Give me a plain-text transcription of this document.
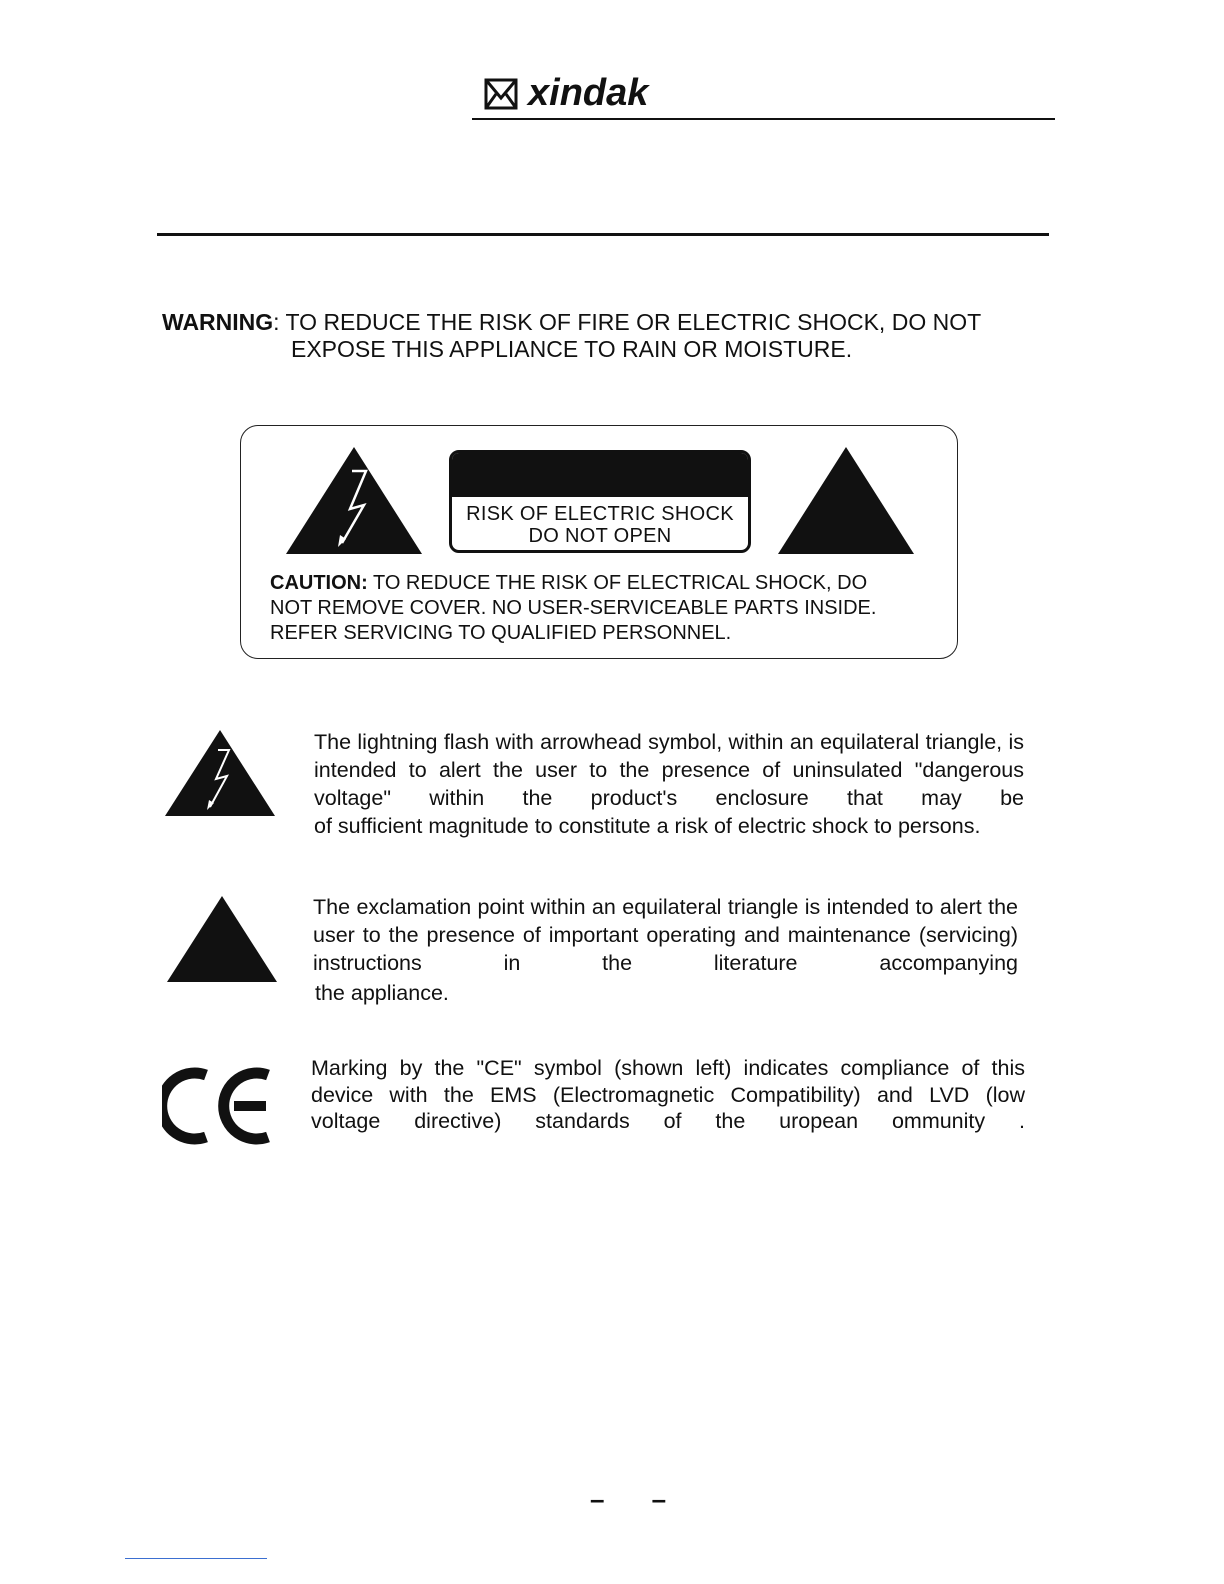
xindak
WARNING: TO REDUCE THE RISK OF FIRE OR ELECTRIC SHOCK, DO NOT
EXPOSE THIS APPLIANCE TO RAIN OR MOISTURE.
RISK OF ELECTRIC SHOCK
DO NOT OPEN
CAUTION: TO REDUCE THE RISK OF ELECTRICAL SHOCK, DO
NOT REMOVE COVER. NO USER-SERVICEABLE PARTS INSIDE.
REFER SERVICING TO QUALIFIED PERSONNEL.
The lightning flash with arrowhead symbol, within an equilateral triangle, is intended to alert the user to the presence of uninsulated "dangerous voltage" within the product's enclosure that may be
of sufficient magnitude to constitute a risk of electric shock to persons.
The exclamation point within an equilateral triangle is intended to alert the user to the presence of important operating and maintenance (servicing) instructions in the literature accompanying
the appliance.
Marking by the "CE" symbol (shown left) indicates compliance of this device with the EMS (Electromagnetic Compatibility) and LVD (low
voltage directive) standards of the uropean ommunity .
– –
